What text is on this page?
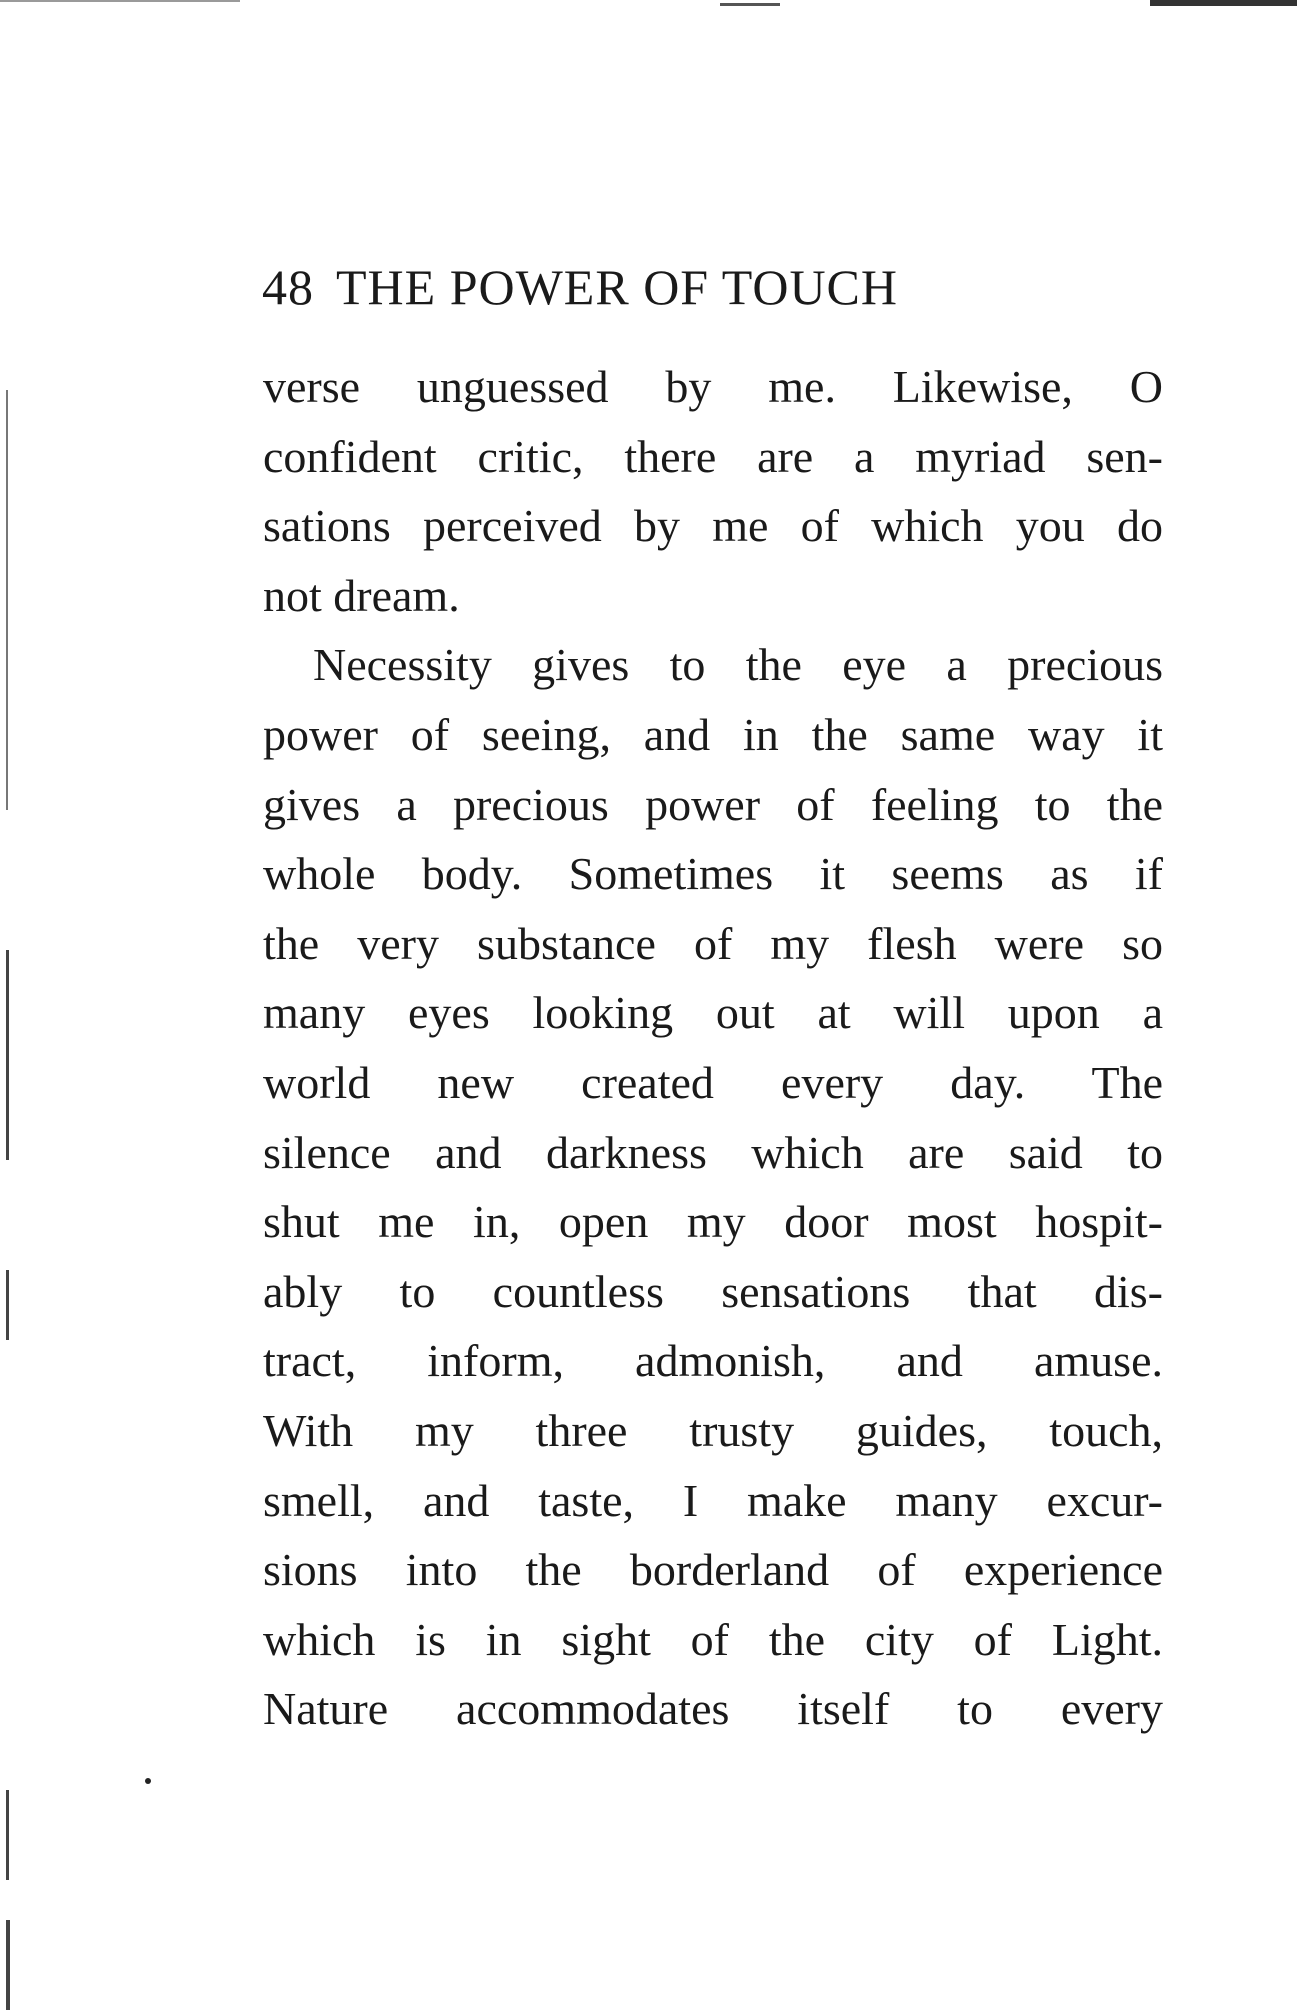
48 THE POWER OF TOUCH
verse unguessed by me. Likewise, O
confident critic, there are a myriad sen-
sations perceived by me of which you do
not dream.
Necessity gives to the eye a precious
power of seeing, and in the same way it
gives a precious power of feeling to the
whole body. Sometimes it seems as if
the very substance of my flesh were so
many eyes looking out at will upon a
world new created every day. The
silence and darkness which are said to
shut me in, open my door most hospit-
ably to countless sensations that dis-
tract, inform, admonish, and amuse.
With my three trusty guides, touch,
smell, and taste, I make many excur-
sions into the borderland of experience
which is in sight of the city of Light.
Nature accommodates itself to every
